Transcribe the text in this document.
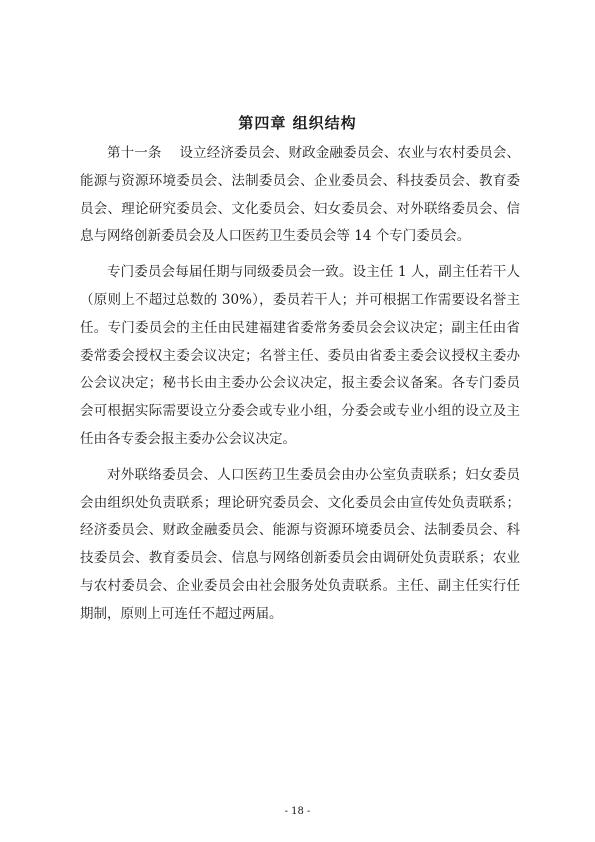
第四章 组织结构

第十一条　 设立经济委员会、财政金融委员会、农业与农村委员会、能源与资源环境委员会、法制委员会、企业委员会、科技委员会、教育委员会、理论研究委员会、文化委员会、妇女委员会、对外联络委员会、信息与网络创新委员会及人口医药卫生委员会等 14 个专门委员会。

专门委员会每届任期与同级委员会一致。设主任 1 人，副主任若干人（原则上不超过总数的 30%），委员若干人；并可根据工作需要设名誉主任。专门委员会的主任由民建福建省委常务委员会会议决定；副主任由省委常委会授权主委会议决定；名誉主任、委员由省委主委会议授权主委办公会议决定；秘书长由主委办公会议决定，报主委会议备案。各专门委员会可根据实际需要设立分委会或专业小组，分委会或专业小组的设立及主任由各专委会报主委办公会议决定。

对外联络委员会、人口医药卫生委员会由办公室负责联系；妇女委员会由组织处负责联系；理论研究委员会、文化委员会由宣传处负责联系；经济委员会、财政金融委员会、能源与资源环境委员会、法制委员会、科技委员会、教育委员会、信息与网络创新委员会由调研处负责联系；农业与农村委员会、企业委员会由社会服务处负责联系。主任、副主任实行任期制，原则上可连任不超过两届。

- 18 -
